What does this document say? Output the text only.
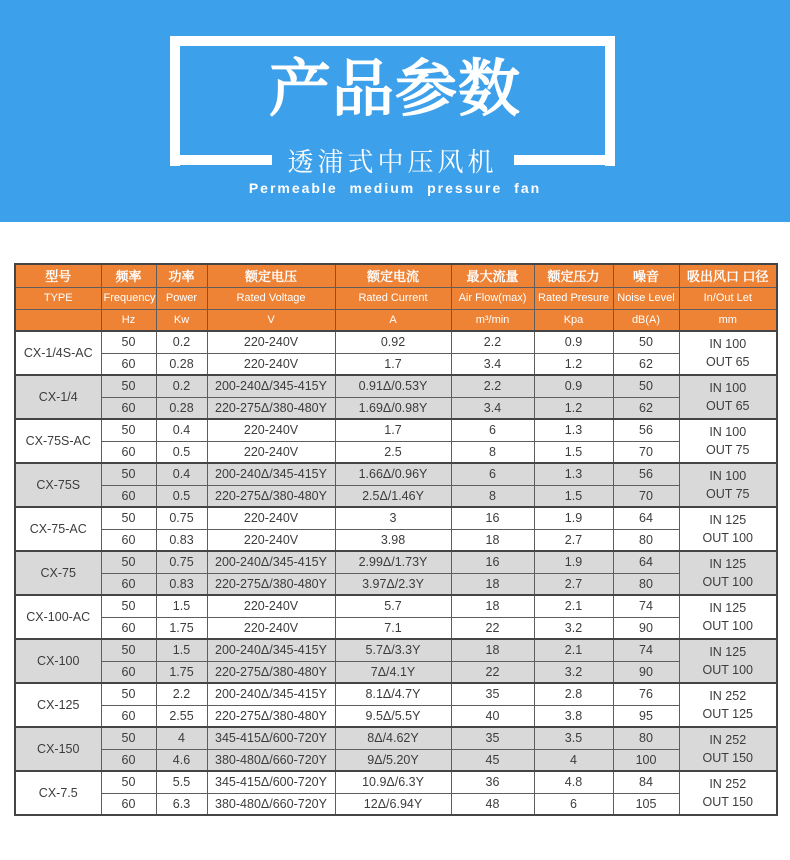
产品参数
透浦式中压风机
Permeable medium pressure fan
型号	频率	功率	额定电压	额定电流	最大流量	额定压力	噪音	吸出风口 口径
TYPE	Frequency	Power	Rated Voltage	Rated Current	Air Flow(max)	Rated Presure	Noise Level	In/Out Let
	Hz	Kw	V	A	m³/min	Kpa	dB(A)	mm
CX-1/4S-AC	50	0.2	220-240V	0.92	2.2	0.9	50	IN 100
OUT 65

	60	0.28	220-240V	1.7	3.4	1.2	62	
CX-1/4	50	0.2	200-240Δ/345-415Y	0.91Δ/0.53Y	2.2	0.9	50	IN 100
OUT 65

	60	0.28	220-275Δ/380-480Y	1.69Δ/0.98Y	3.4	1.2	62	
CX-75S-AC	50	0.4	220-240V	1.7	6	1.3	56	IN 100
OUT 75

	60	0.5	220-240V	2.5	8	1.5	70	
CX-75S	50	0.4	200-240Δ/345-415Y	1.66Δ/0.96Y	6	1.3	56	IN 100
OUT 75

	60	0.5	220-275Δ/380-480Y	2.5Δ/1.46Y	8	1.5	70	
CX-75-AC	50	0.75	220-240V	3	16	1.9	64	IN 125
OUT 100

	60	0.83	220-240V	3.98	18	2.7	80	
CX-75	50	0.75	200-240Δ/345-415Y	2.99Δ/1.73Y	16	1.9	64	IN 125
OUT 100

	60	0.83	220-275Δ/380-480Y	3.97Δ/2.3Y	18	2.7	80	
CX-100-AC	50	1.5	220-240V	5.7	18	2.1	74	IN 125
OUT 100

	60	1.75	220-240V	7.1	22	3.2	90	
CX-100	50	1.5	200-240Δ/345-415Y	5.7Δ/3.3Y	18	2.1	74	IN 125
OUT 100

	60	1.75	220-275Δ/380-480Y	7Δ/4.1Y	22	3.2	90	
CX-125	50	2.2	200-240Δ/345-415Y	8.1Δ/4.7Y	35	2.8	76	IN 252
OUT 125

	60	2.55	220-275Δ/380-480Y	9.5Δ/5.5Y	40	3.8	95	
CX-150	50	4	345-415Δ/600-720Y	8Δ/4.62Y	35	3.5	80	IN 252
OUT 150

	60	4.6	380-480Δ/660-720Y	9Δ/5.20Y	45	4	100	
CX-7.5	50	5.5	345-415Δ/600-720Y	10.9Δ/6.3Y	36	4.8	84	IN 252
OUT 150

	60	6.3	380-480Δ/660-720Y	12Δ/6.94Y	48	6	105	
